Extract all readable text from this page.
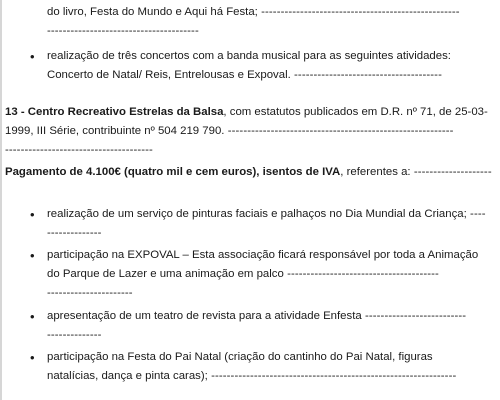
do livro, Festa do Mundo e Aqui há Festa; ---------------------------------------------------
---------------------------------------
• realização de três concertos com a banda musical para as seguintes atividades:
Concerto de Natal/ Reis, Entrelousas e Expoval. --------------------------------------
13 - Centro Recreativo Estrelas da Balsa, com estatutos publicados em D.R. nº 71, de 25-03-
1999, III Série, contribuinte nº 504 219 790. ----------------------------------------------------------
--------------------------------------
Pagamento de 4.100€ (quatro mil e cem euros), isentos de IVA, referentes a: --------------------
• realização de um serviço de pinturas faciais e palhaços no Dia Mundial da Criança; ----
--------------
• participação na EXPOVAL – Esta associação ficará responsável por toda a Animação
do Parque de Lazer e uma animação em palco ---------------------------------------
----------------------
• apresentação de um teatro de revista para a atividade Enfesta --------------------------
--------------
• participação na Festa do Pai Natal (criação do cantinho do Pai Natal, figuras
natalícias, dança e pinta caras); ---------------------------------------------------------------
